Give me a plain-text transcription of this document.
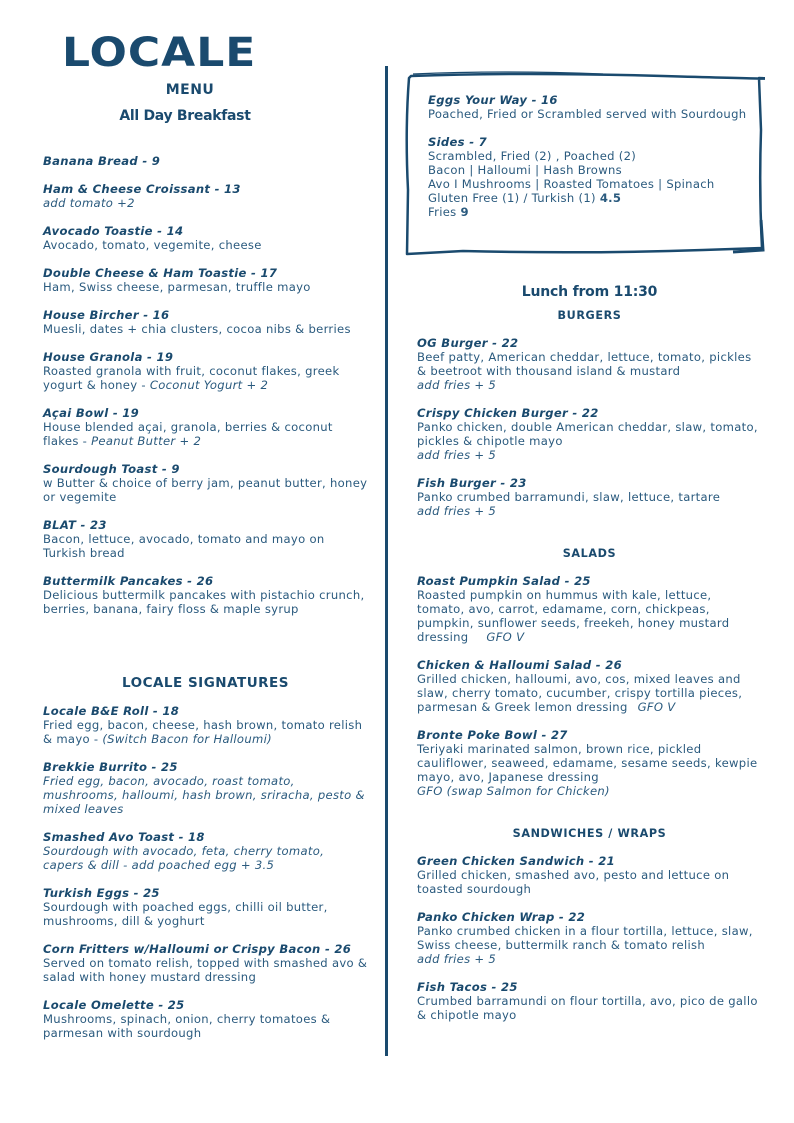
LOCALE
MENU
All Day Breakfast
Banana Bread - 9
Ham & Cheese Croissant - 13
add tomato +2
Avocado Toastie - 14
Avocado, tomato, vegemite, cheese
Double Cheese & Ham Toastie - 17
Ham, Swiss cheese, parmesan, truffle mayo
House Bircher - 16
Muesli, dates + chia clusters, cocoa nibs & berries
House Granola - 19
Roasted granola with fruit, coconut flakes, greek yogurt & honey - Coconut Yogurt + 2
Açai Bowl - 19
House blended açai, granola, berries & coconut flakes - Peanut Butter + 2
Sourdough Toast - 9
w Butter & choice of berry jam, peanut butter, honey or vegemite
BLAT - 23
Bacon, lettuce, avocado, tomato and mayo on Turkish bread
Buttermilk Pancakes - 26
Delicious buttermilk pancakes with pistachio crunch, berries, banana, fairy floss & maple syrup
LOCALE SIGNATURES
Locale B&E Roll - 18
Fried egg, bacon, cheese, hash brown, tomato relish & mayo - (Switch Bacon for Halloumi)
Brekkie Burrito - 25
Fried egg, bacon, avocado, roast tomato, mushrooms, halloumi, hash brown, sriracha, pesto & mixed leaves
Smashed Avo Toast - 18
Sourdough with avocado, feta, cherry tomato, capers & dill - add poached egg + 3.5
Turkish Eggs - 25
Sourdough with poached eggs, chilli oil butter, mushrooms, dill & yoghurt
Corn Fritters w/Halloumi or Crispy Bacon - 26
Served on tomato relish, topped with smashed avo & salad with honey mustard dressing
Locale Omelette - 25
Mushrooms, spinach, onion, cherry tomatoes & parmesan with sourdough
Eggs Your Way - 16
Poached, Fried or Scrambled served with Sourdough
Sides - 7
Scrambled, Fried (2) , Poached (2)
Bacon | Halloumi | Hash Browns
Avo I Mushrooms | Roasted Tomatoes | Spinach
Gluten Free (1) / Turkish (1) 4.5
Fries 9
Lunch from 11:30
BURGERS
OG Burger - 22
Beef patty, American cheddar, lettuce, tomato, pickles & beetroot with thousand island & mustard
add fries + 5
Crispy Chicken Burger - 22
Panko chicken, double American cheddar, slaw, tomato, pickles & chipotle mayo
add fries + 5
Fish Burger - 23
Panko crumbed barramundi, slaw, lettuce, tartare
add fries + 5
SALADS
Roast Pumpkin Salad - 25
Roasted pumpkin on hummus with kale, lettuce, tomato, avo, carrot, edamame, corn, chickpeas, pumpkin, sunflower seeds, freekeh, honey mustard dressing GFO V
Chicken & Halloumi Salad - 26
Grilled chicken, halloumi, avo, cos, mixed leaves and slaw, cherry tomato, cucumber, crispy tortilla pieces, parmesan & Greek lemon dressing GFO V
Bronte Poke Bowl - 27
Teriyaki marinated salmon, brown rice, pickled cauliflower, seaweed, edamame, sesame seeds, kewpie mayo, avo, Japanese dressing
GFO (swap Salmon for Chicken)
SANDWICHES / WRAPS
Green Chicken Sandwich - 21
Grilled chicken, smashed avo, pesto and lettuce on toasted sourdough
Panko Chicken Wrap - 22
Panko crumbed chicken in a flour tortilla, lettuce, slaw, Swiss cheese, buttermilk ranch & tomato relish
add fries + 5
Fish Tacos - 25
Crumbed barramundi on flour tortilla, avo, pico de gallo & chipotle mayo
